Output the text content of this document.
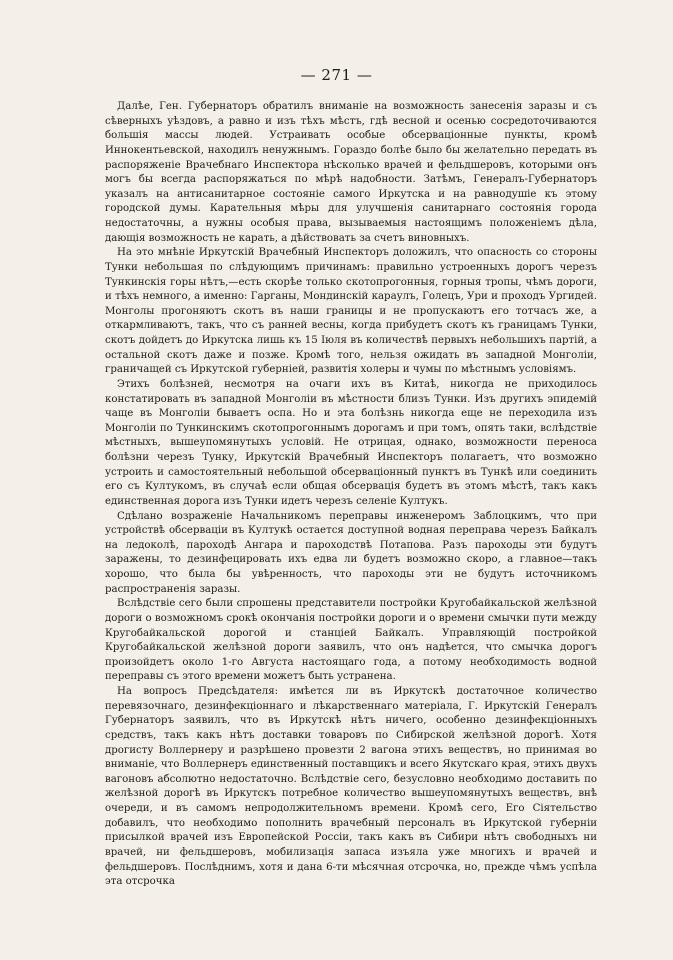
— 271 —

Далѣе, Ген. Губернаторъ обратилъ вниманіе на возможность занесенія заразы и съ сѣверныхъ уѣздовъ, а равно и изъ тѣхъ мѣстъ, гдѣ весной и осенью сосредоточиваются большія массы людей. Устраивать особые обсерваціонные пункты, кромѣ Иннокентьевской, находилъ ненужнымъ. Гораздо болѣе было бы желательно передать въ распоряженіе Врачебнаго Инспектора нѣсколько врачей и фельдшеровъ, которыми онъ могъ бы всегда распоряжаться по мѣрѣ надобности. Затѣмъ, Генералъ-Губернаторъ указалъ на антисанитарное состояніе самого Иркутска и на равнодушіе къ этому городской думы. Карательныя мѣры для улучшенія санитарнаго состоянія города недостаточны, а нужны особыя права, вызываемыя настоящимъ положеніемъ дѣла, дающія возможность не карать, а дѣйствовать за счетъ виновныхъ.

На это мнѣніе Иркутскій Врачебный Инспекторъ доложилъ, что опасность со стороны Тунки небольшая по слѣдующимъ причинамъ: правильно устроенныхъ дорогъ черезъ Тункинскія горы нѣтъ,—есть скорѣе только скотопрогонныя, горныя тропы, чѣмъ дороги, и тѣхъ немного, а именно: Гарганы, Мондинскій караулъ, Голецъ, Ури и проходъ Ургидей. Монголы прогоняютъ скотъ въ наши границы и не пропускаютъ его тотчасъ же, а откармливаютъ, такъ, что съ ранней весны, когда прибудетъ скотъ къ границамъ Тунки, скотъ дойдетъ до Иркутска лишь къ 15 Іюля въ количествѣ первыхъ небольшихъ партій, а остальной скотъ даже и позже. Кромѣ того, нельзя ожидать въ западной Монголіи, граничащей съ Иркутской губерніей, развитія холеры и чумы по мѣстнымъ условіямъ.

Этихъ болѣзней, несмотря на очаги ихъ въ Китаѣ, никогда не приходилось констатировать въ западной Монголіи въ мѣстности близъ Тунки. Изъ другихъ эпидемій чаще въ Монголіи бываетъ оспа. Но и эта болѣзнь никогда еще не переходила изъ Монголіи по Тункинскимъ скотопрогоннымъ дорогамъ и при томъ, опять таки, вслѣдствіе мѣстныхъ, вышеупомянутыхъ условій. Не отрицая, однако, возможности переноса болѣзни черезъ Тунку, Иркутскій Врачебный Инспекторъ полагаетъ, что возможно устроить и самостоятельный небольшой обсерваціонный пунктъ въ Тункѣ или соединить его съ Култукомъ, въ случаѣ если общая обсервація будетъ въ этомъ мѣстѣ, такъ какъ единственная дорога изъ Тунки идетъ черезъ селеніе Култукъ.

Сдѣлано возраженіе Начальникомъ переправы инженеромъ Заблоцкимъ, что при устройствѣ обсерваціи въ Култукѣ остается доступной водная переправа черезъ Байкалъ на ледоколѣ, пароходѣ Ангара и пароходствѣ Потапова. Разъ пароходы эти будутъ заражены, то дезинфецировать ихъ едва ли будетъ возможно скоро, а главное—такъ хорошо, что была бы увѣренность, что пароходы эти не будутъ источникомъ распространенія заразы.

Вслѣдствіе сего были спрошены представители постройки Кругобайкальской желѣзной дороги о возможномъ срокѣ окончанія постройки дороги и о времени смычки пути между Кругобайкальской дорогой и станціей Байкалъ. Управляющій постройкой Кругобайкальской желѣзной дороги заявилъ, что онъ надѣется, что смычка дорогъ произойдетъ около 1-го Августа настоящаго года, а потому необходимость водной переправы съ этого времени можетъ быть устранена.

На вопросъ Предсѣдателя: имѣется ли въ Иркутскѣ достаточное количество перевязочнаго, дезинфекціоннаго и лѣкарственнаго матеріала, Г. Иркутскій Генералъ Губернаторъ заявилъ, что въ Иркутскѣ нѣтъ ничего, особенно дезинфекціонныхъ средствъ, такъ какъ нѣтъ доставки товаровъ по Сибирской желѣзной дорогѣ. Хотя дрогисту Воллернеру и разрѣшено провезти 2 вагона этихъ веществъ, но принимая во вниманіе, что Воллернеръ единственный поставщикъ и всего Якутскаго края, этихъ двухъ вагоновъ абсолютно недостаточно. Вслѣдствіе сего, безусловно необходимо доставить по желѣзной дорогѣ въ Иркутскъ потребное количество вышеупомянутыхъ веществъ, внѣ очереди, и въ самомъ непродолжительномъ времени. Кромѣ сего, Его Сіятельство добавилъ, что необходимо пополнить врачебный персоналъ въ Иркутской губерніи присылкой врачей изъ Европейской Россіи, такъ какъ въ Сибири нѣтъ свободныхъ ни врачей, ни фельдшеровъ, мобилизація запаса изъяла уже многихъ и врачей и фельдшеровъ. Послѣднимъ, хотя и дана 6-ти мѣсячная отсрочка, но, прежде чѣмъ успѣла эта отсрочка
